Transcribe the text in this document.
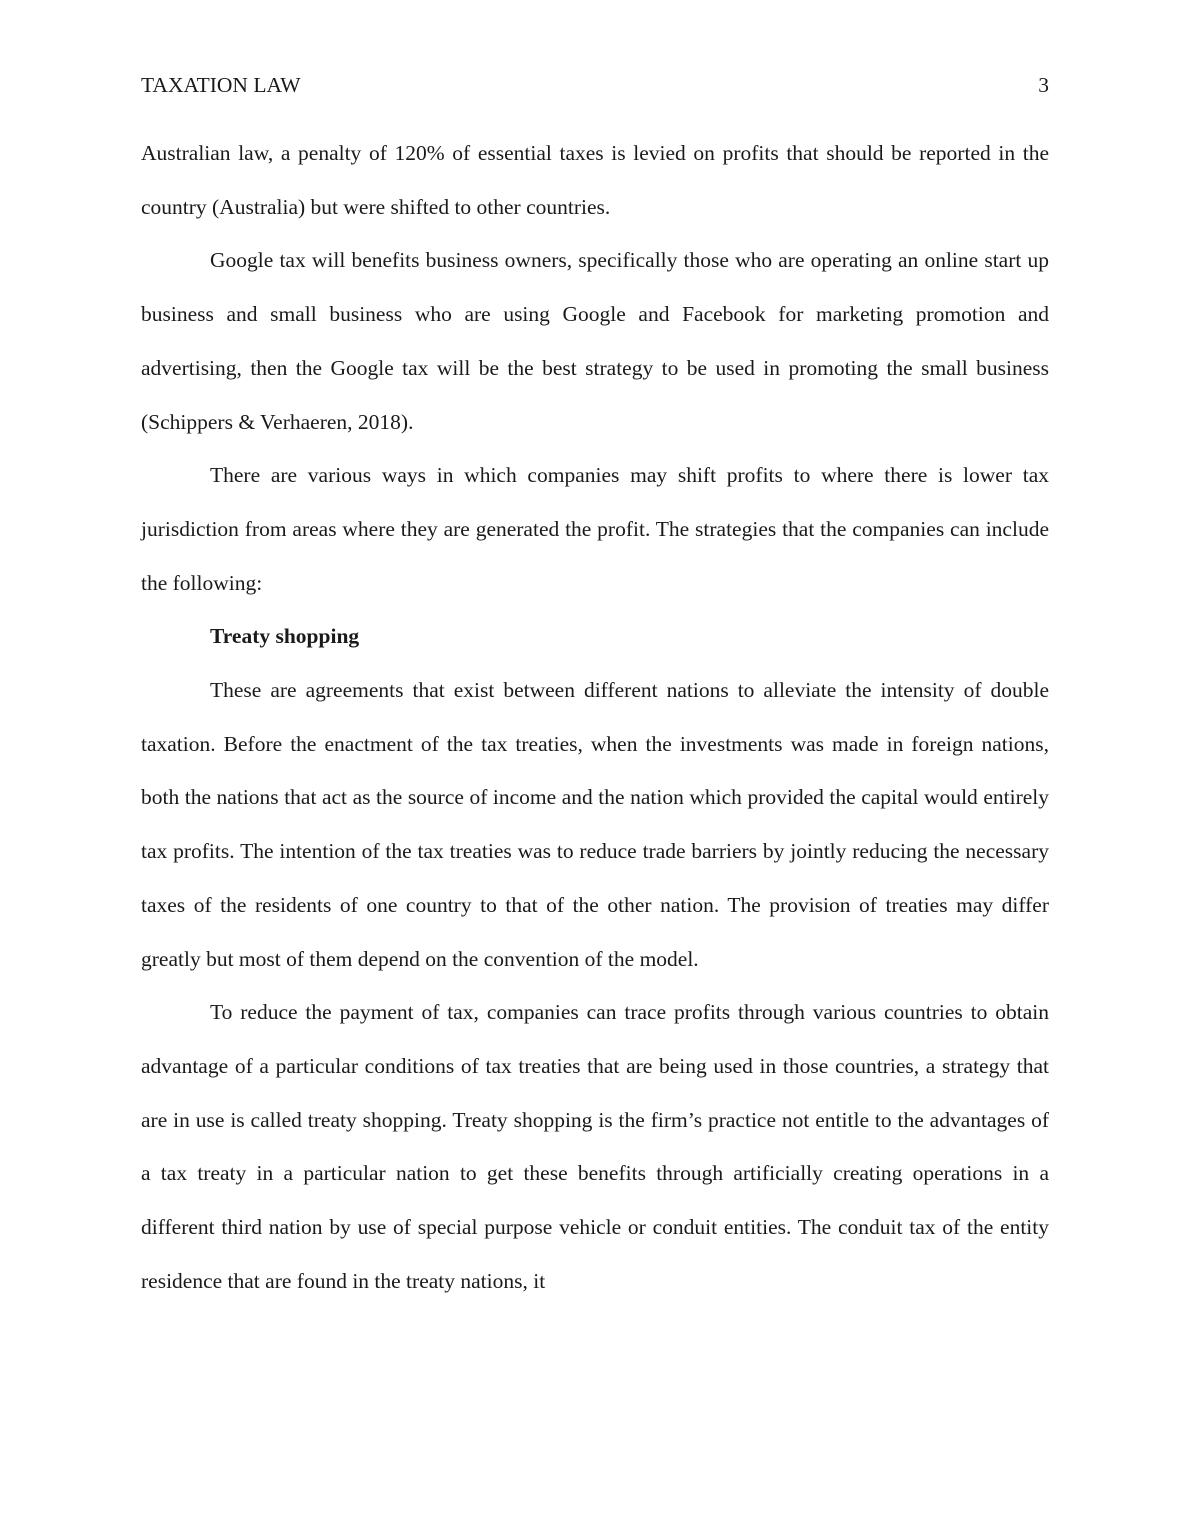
TAXATION LAW	3

Australian law, a penalty of 120% of essential taxes is levied on profits that should be reported in the country (Australia) but were shifted to other countries.

Google tax will benefits business owners, specifically those who are operating an online start up business and small business who are using Google and Facebook for marketing promotion and advertising, then the Google tax will be the best strategy to be used in promoting the small business (Schippers & Verhaeren, 2018).

There are various ways in which companies may shift profits to where there is lower tax jurisdiction from areas where they are generated the profit. The strategies that the companies can include the following:

Treaty shopping

These are agreements that exist between different nations to alleviate the intensity of double taxation. Before the enactment of the tax treaties, when the investments was made in foreign nations, both the nations that act as the source of income and the nation which provided the capital would entirely tax profits. The intention of the tax treaties was to reduce trade barriers by jointly reducing the necessary taxes of the residents of one country to that of the other nation. The provision of treaties may differ greatly but most of them depend on the convention of the model.

To reduce the payment of tax, companies can trace profits through various countries to obtain advantage of a particular conditions of tax treaties that are being used in those countries, a strategy that are in use is called treaty shopping. Treaty shopping is the firm’s practice not entitle to the advantages of a tax treaty in a particular nation to get these benefits through artificially creating operations in a different third nation by use of special purpose vehicle or conduit entities. The conduit tax of the entity residence that are found in the treaty nations, it
